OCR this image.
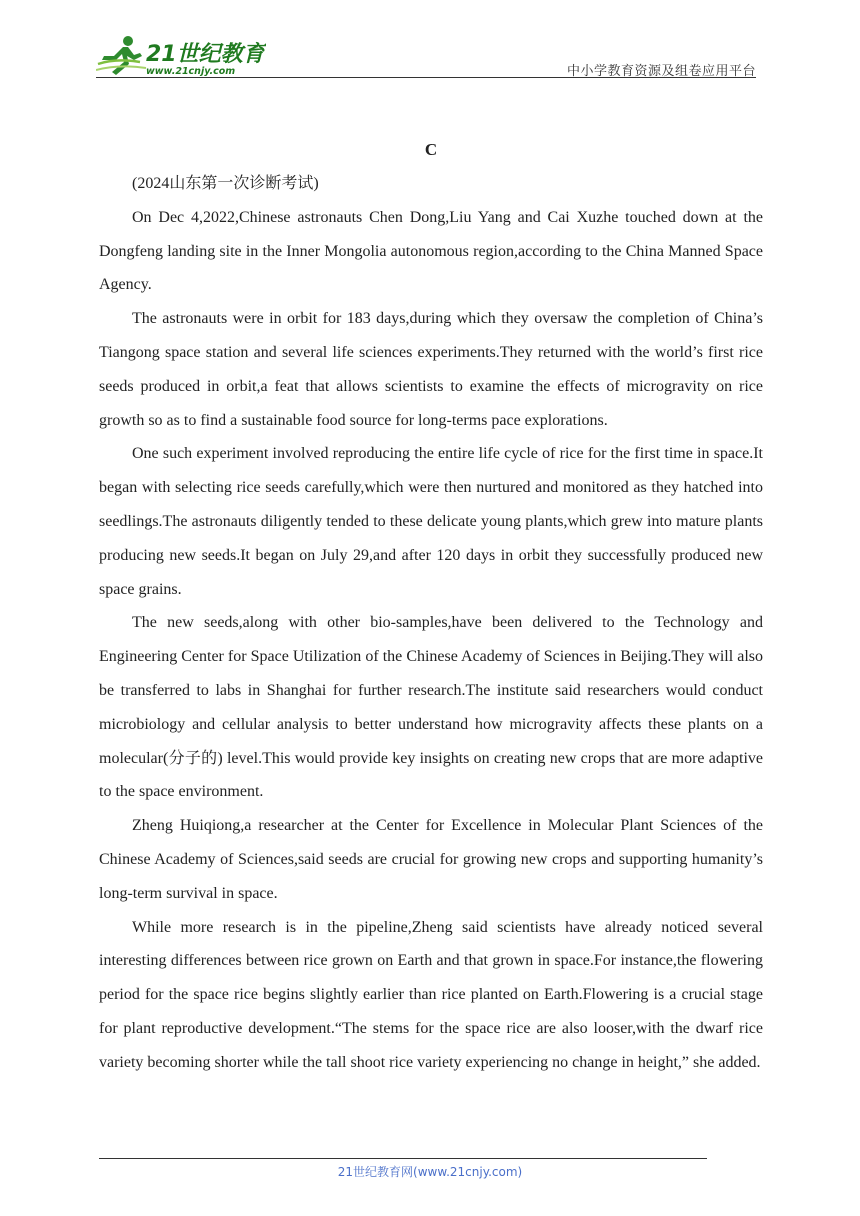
21世纪教育
www.21cnjy.com	中小学教育资源及组卷应用平台
C

(2024山东第一次诊断考试)

On Dec 4,2022,Chinese astronauts Chen Dong,Liu Yang and Cai Xuzhe touched down at the Dongfeng landing site in the Inner Mongolia autonomous region,according to the China Manned Space Agency.

The astronauts were in orbit for 183 days,during which they oversaw the completion of China’s Tiangong space station and several life sciences experiments.They returned with the world’s first rice seeds produced in orbit,a feat that allows scientists to examine the effects of microgravity on rice growth so as to find a sustainable food source for long-terms pace explorations.

One such experiment involved reproducing the entire life cycle of rice for the first time in space.It began with selecting rice seeds carefully,which were then nurtured and monitored as they hatched into seedlings.The astronauts diligently tended to these delicate young plants,which grew into mature plants producing new seeds.It began on July 29,and after 120 days in orbit they successfully produced new space grains.

The new seeds,along with other bio-samples,have been delivered to the Technology and Engineering Center for Space Utilization of the Chinese Academy of Sciences in Beijing.They will also be transferred to labs in Shanghai for further research.The institute said researchers would conduct microbiology and cellular analysis to better understand how microgravity affects these plants on a molecular(分子的) level.This would provide key insights on creating new crops that are more adaptive to the space environment.

Zheng Huiqiong,a researcher at the Center for Excellence in Molecular Plant Sciences of the Chinese Academy of Sciences,said seeds are crucial for growing new crops and supporting humanity’s long-term survival in space.

While more research is in the pipeline,Zheng said scientists have already noticed several interesting differences between rice grown on Earth and that grown in space.For instance,the flowering period for the space rice begins slightly earlier than rice planted on Earth.Flowering is a crucial stage for plant reproductive development.“The stems for the space rice are also looser,with the dwarf rice variety becoming shorter while the tall shoot rice variety experiencing no change in height,” she added.

21世纪教育网(www.21cnjy.com)
